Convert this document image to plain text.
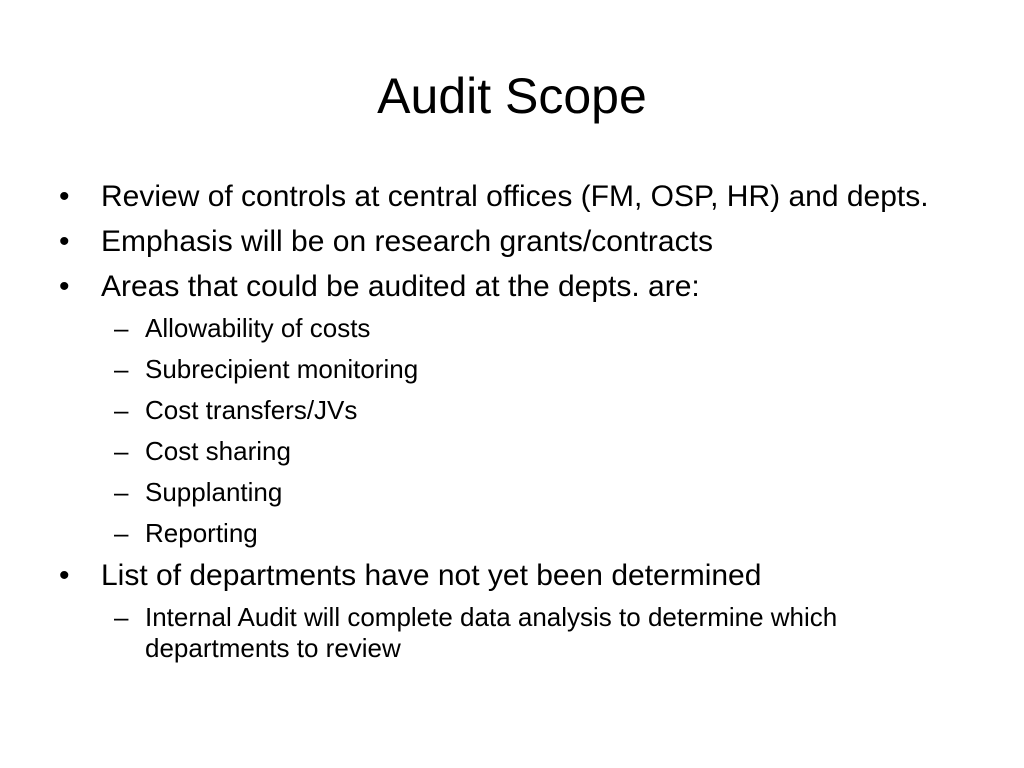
Audit Scope
• Review of controls at central offices (FM, OSP, HR) and depts.
• Emphasis will be on research grants/contracts
• Areas that could be audited at the depts. are:
– Allowability of costs
– Subrecipient monitoring
– Cost transfers/JVs
– Cost sharing
– Supplanting
– Reporting
• List of departments have not yet been determined
– Internal Audit will complete data analysis to determine which departments to review
